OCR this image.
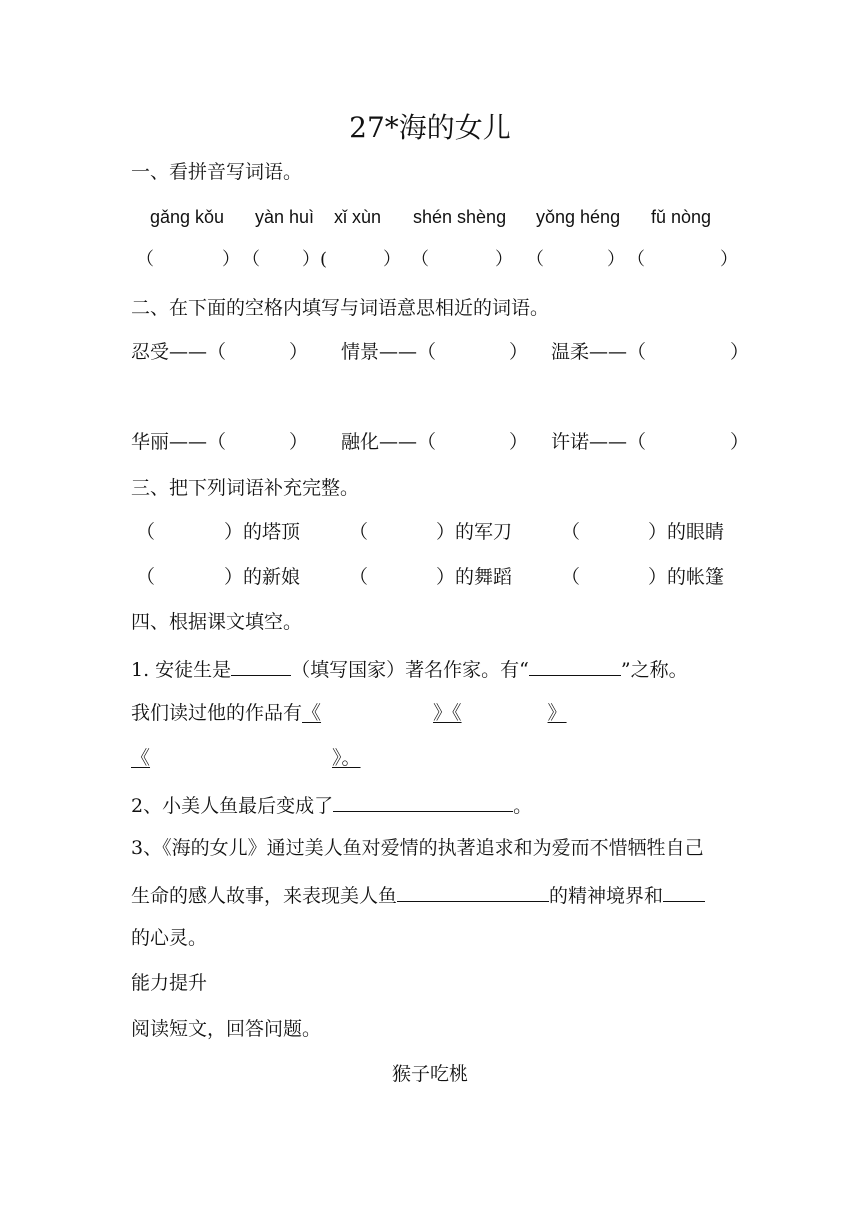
27*海的女儿
一、看拼音写词语。
gǎng kǒu yàn huì xǐ xùn shén shèng yǒng héng fǔ nòng
（	） （ ）(	） （	） （	） （	）
二、在下面的空格内填写与词语意思相近的词语。
忍受——（	） 情景——（	） 温柔——（	）
华丽——（	） 融化——（	） 许诺——（	）
三、把下列词语补充完整。
（	）的塔顶	（	）的军刀	（	）的眼睛
（	）的新娘	（	）的舞蹈	（	）的帐篷
四、根据课文填空。
1. 安徒生是	（填写国家）著名作家。有“	”之称。
我们读过他的作品有《	》《	》
《	》。
2、小美人鱼最后变成了	。
3、《海的女儿》通过美人鱼对爱情的执著追求和为爱而不惜牺牲自己
生命的感人故事，来表现美人鱼	的精神境界和
的心灵。
能力提升
阅读短文，回答问题。
猴子吃桃
